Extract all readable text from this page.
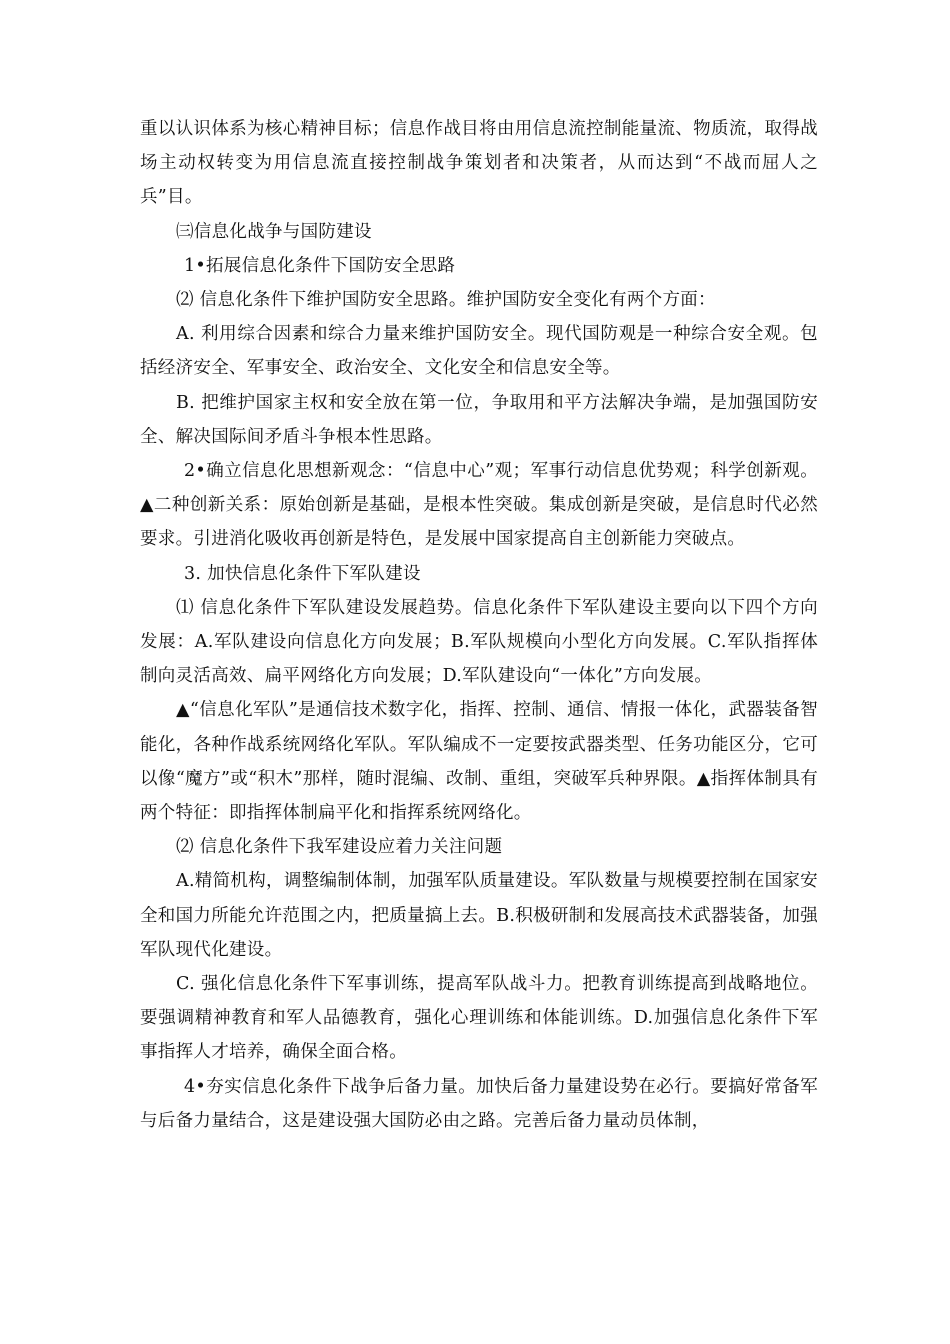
重以认识体系为核心精神目标；信息作战目将由用信息流控制能量流、物质流，取得战场主动权转变为用信息流直接控制战争策划者和决策者，从而达到“不战而屈人之兵”目。

㈢信息化战争与国防建设

1•拓展信息化条件下国防安全思路

⑵ 信息化条件下维护国防安全思路。维护国防安全变化有两个方面：

A. 利用综合因素和综合力量来维护国防安全。现代国防观是一种综合安全观。包括经济安全、军事安全、政治安全、文化安全和信息安全等。

B. 把维护国家主权和安全放在第一位，争取用和平方法解决争端，是加强国防安全、解决国际间矛盾斗争根本性思路。

2•确立信息化思想新观念：“信息中心”观；军事行动信息优势观；科学创新观。▲二种创新关系：原始创新是基础，是根本性突破。集成创新是突破，是信息时代必然要求。引进消化吸收再创新是特色，是发展中国家提高自主创新能力突破点。

3. 加快信息化条件下军队建设

⑴ 信息化条件下军队建设发展趋势。信息化条件下军队建设主要向以下四个方向发展：A.军队建设向信息化方向发展；B.军队规模向小型化方向发展。C.军队指挥体制向灵活高效、扁平网络化方向发展；D.军队建设向“一体化”方向发展。

▲“信息化军队”是通信技术数字化，指挥、控制、通信、情报一体化，武器装备智能化，各种作战系统网络化军队。军队编成不一定要按武器类型、任务功能区分，它可以像“魔方”或“积木”那样，随时混编、改制、重组，突破军兵种界限。▲指挥体制具有两个特征：即指挥体制扁平化和指挥系统网络化。

⑵ 信息化条件下我军建设应着力关注问题

A.精简机构，调整编制体制，加强军队质量建设。军队数量与规模要控制在国家安全和国力所能允许范围之内，把质量搞上去。B.积极研制和发展高技术武器装备，加强军队现代化建设。

C. 强化信息化条件下军事训练，提高军队战斗力。把教育训练提高到战略地位。要强调精神教育和军人品德教育，强化心理训练和体能训练。D.加强信息化条件下军事指挥人才培养，确保全面合格。

4•夯实信息化条件下战争后备力量。加快后备力量建设势在必行。要搞好常备军与后备力量结合，这是建设强大国防必由之路。完善后备力量动员体制，
